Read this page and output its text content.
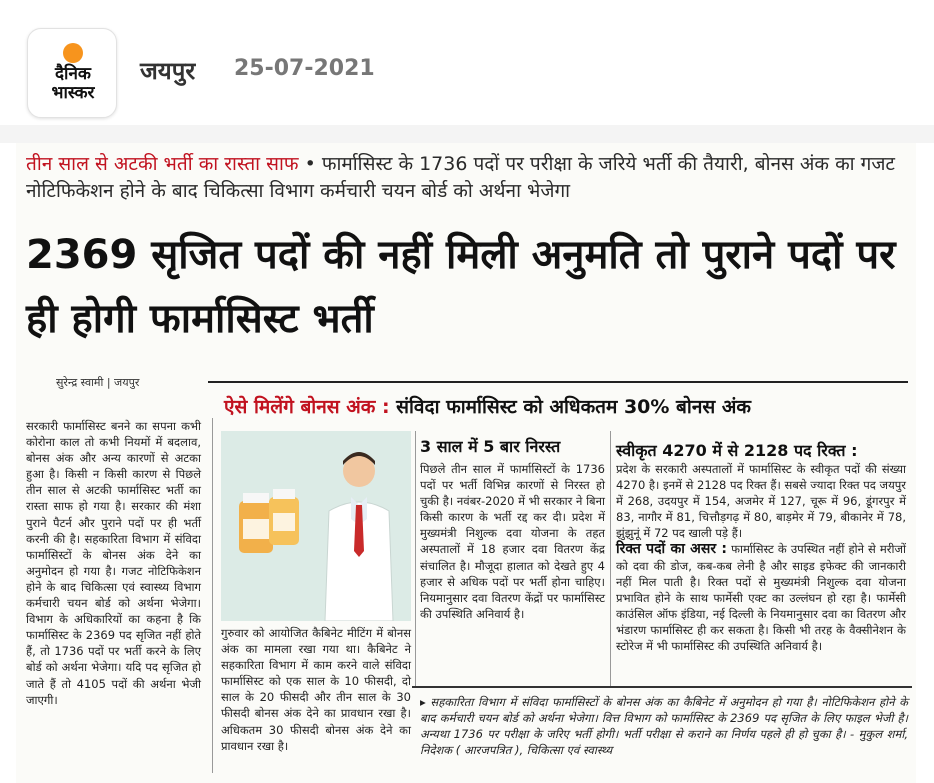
दैनिक
भास्कर
जयपुर 25-07-2021
तीन साल से अटकी भर्ती का रास्ता साफ • फार्मासिस्ट के 1736 पदों पर परीक्षा के जरिये भर्ती की तैयारी, बोनस अंक का गजट नोटिफिकेशन होने के बाद चिकित्सा विभाग कर्मचारी चयन बोर्ड को अर्थना भेजेगा
2369 सृजित पदों की नहीं मिली अनुमति तो पुराने पदों पर ही होगी फार्मासिस्ट भर्ती
सुरेन्द्र स्वामी | जयपुर
ऐसे मिलेंगे बोनस अंक : संविदा फार्मासिस्ट को अधिकतम 30% बोनस अंक
सरकारी फार्मासिस्ट बनने का सपना कभी कोरोना काल तो कभी नियमों में बदलाव, बोनस अंक और अन्य कारणों से अटका हुआ है। किसी न किसी कारण से पिछले तीन साल से अटकी फार्मासिस्ट भर्ती का रास्ता साफ हो गया है। सरकार की मंशा पुराने पैटर्न और पुराने पदों पर ही भर्ती करनी की है। सहकारिता विभाग में संविदा फार्मासिस्टों के बोनस अंक देने का अनुमोदन हो गया है। गजट नोटिफिकेशन होने के बाद चिकित्सा एवं स्वास्थ्य विभाग कर्मचारी चयन बोर्ड को अर्थना भेजेगा। विभाग के अधिकारियों का कहना है कि फार्मासिस्ट के 2369 पद सृजित नहीं होते हैं, तो 1736 पदों पर भर्ती करने के लिए बोर्ड को अर्थना भेजेगा। यदि पद सृजित हो जाते हैं तो 4105 पदों की अर्थना भेजी जाएगी।
गुरुवार को आयोजित कैबिनेट मीटिंग में बोनस अंक का मामला रखा गया था। कैबिनेट ने सहकारिता विभाग में काम करने वाले संविदा फार्मासिस्ट को एक साल के 10 फीसदी, दो साल के 20 फीसदी और तीन साल के 30 फीसदी बोनस अंक देने का प्रावधान रखा है। अधिकतम 30 फीसदी बोनस अंक देने का प्रावधान रखा है।
3 साल में 5 बार निरस्त
पिछले तीन साल में फार्मासिस्टों के 1736 पदों पर भर्ती विभिन्न कारणों से निरस्त हो चुकी है। नवंबर-2020 में भी सरकार ने बिना किसी कारण के भर्ती रद्द कर दी। प्रदेश में मुख्यमंत्री निशुल्क दवा योजना के तहत अस्पतालों में 18 हजार दवा वितरण केंद्र संचालित है। मौजूदा हालात को देखते हुए 4 हजार से अधिक पदों पर भर्ती होना चाहिए। नियमानुसार दवा वितरण केंद्रों पर फार्मासिस्ट की उपस्थिति अनिवार्य है।
स्वीकृत 4270 में से 2128 पद रिक्त :
प्रदेश के सरकारी अस्पतालों में फार्मासिस्ट के स्वीकृत पदों की संख्या 4270 है। इनमें से 2128 पद रिक्त हैं। सबसे ज्यादा रिक्त पद जयपुर में 268, उदयपुर में 154, अजमेर में 127, चूरू में 96, डूंगरपुर में 83, नागौर में 81, चित्तौड़गढ़ में 80, बाड़मेर में 79, बीकानेर में 78, झुंझुनूं में 72 पद खाली पड़े हैं।
रिक्त पदों का असर : फार्मासिस्ट के उपस्थित नहीं होने से मरीजों को दवा की डोज, कब-कब लेनी है और साइड इफेक्ट की जानकारी नहीं मिल पाती है। रिक्त पदों से मुख्यमंत्री निशुल्क दवा योजना प्रभावित होने के साथ फार्मेसी एक्ट का उल्लंघन हो रहा है। फार्मेसी काउंसिल ऑफ इंडिया, नई दिल्ली के नियमानुसार दवा का वितरण और भंडारण फार्मासिस्ट ही कर सकता है। किसी भी तरह के वैक्सीनेशन के स्टोरेज में भी फार्मासिस्ट की उपस्थिति अनिवार्य है।
▸ सहकारिता विभाग में संविदा फार्मासिस्टों के बोनस अंक का कैबिनेट में अनुमोदन हो गया है। नोटिफिकेशन होने के बाद कर्मचारी चयन बोर्ड को अर्थना भेजेगा। वित्त विभाग को फार्मासिस्ट के 2369 पद सृजित के लिए फाइल भेजी है। अन्यथा 1736 पर परीक्षा के जरिए भर्ती होगी। भर्ती परीक्षा से कराने का निर्णय पहले ही हो चुका है। - मुकुल शर्मा, निदेशक ( आरजपत्रित ), चिकित्सा एवं स्वास्थ्य
